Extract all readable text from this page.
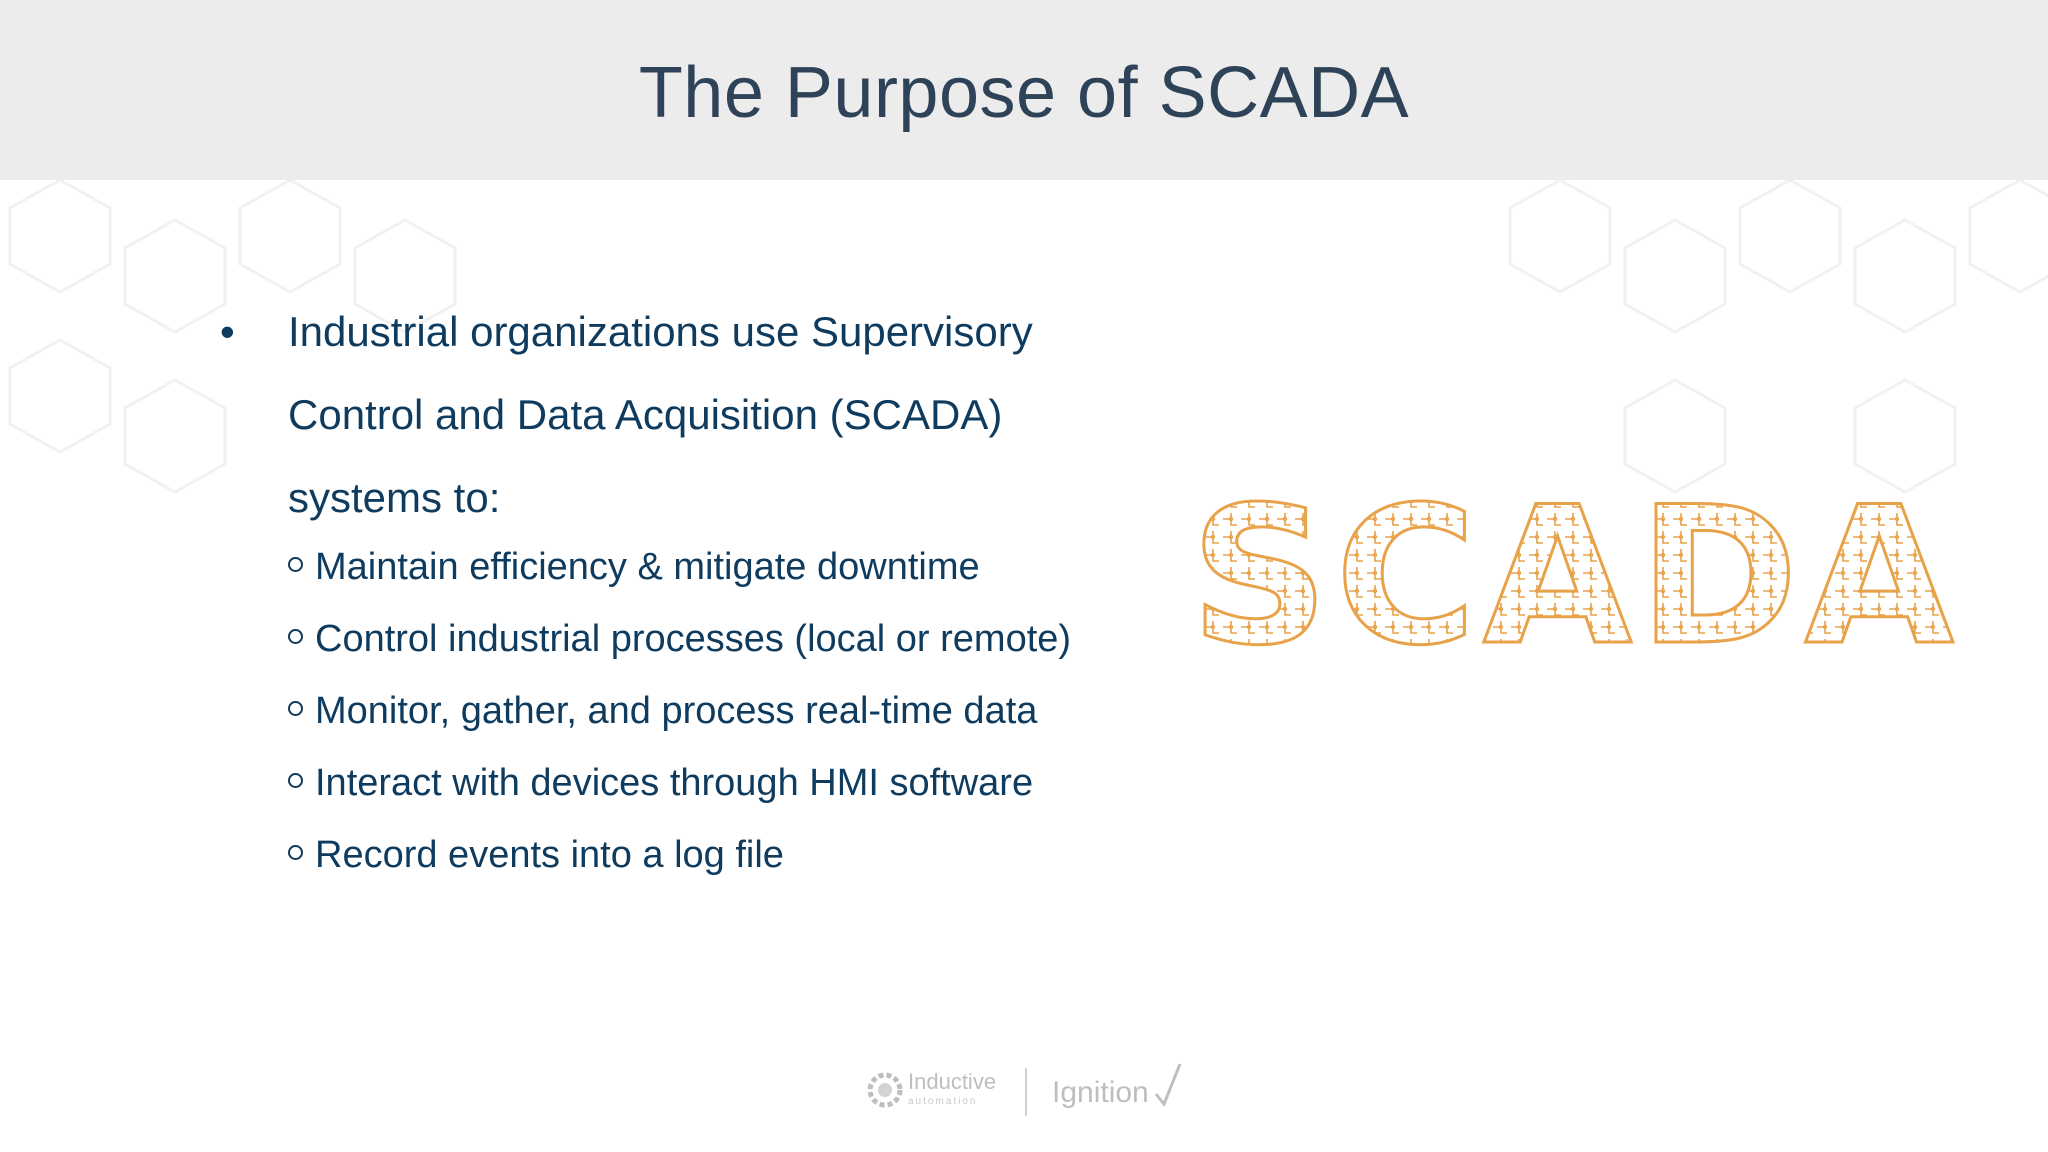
The Purpose of SCADA
• Industrial organizations use Supervisory
Control and Data Acquisition (SCADA)
systems to:
Maintain efficiency & mitigate downtime
Control industrial processes (local or remote)
Monitor, gather, and process real-time data
Interact with devices through HMI software
Record events into a log file
SCADA
Inductive
automation Ignition
